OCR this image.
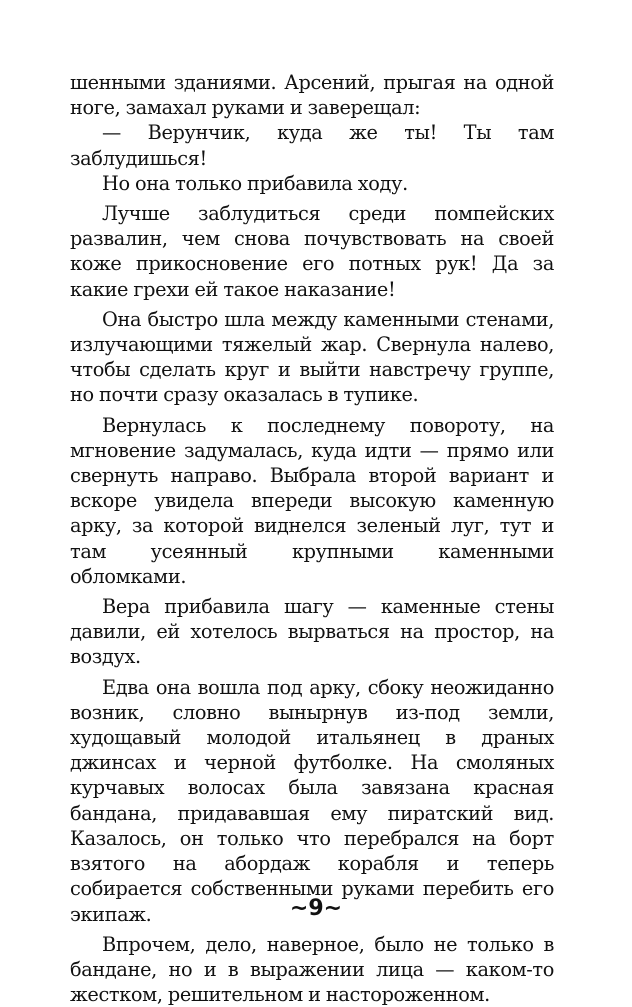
шенными зданиями. Арсений, прыгая на одной ноге, замахал руками и заверещал:

— Верунчик, куда же ты! Ты там заблудишься!

Но она только прибавила ходу.

Лучше заблудиться среди помпейских развалин, чем снова почувствовать на своей коже прикосновение его потных рук! Да за какие грехи ей такое наказание!

Она быстро шла между каменными стенами, излучающими тяжелый жар. Свернула налево, чтобы сделать круг и выйти навстречу группе, но почти сразу оказалась в тупике.

Вернулась к последнему повороту, на мгновение задумалась, куда идти — прямо или свернуть направо. Выбрала второй вариант и вскоре увидела впереди высокую каменную арку, за которой виднелся зеленый луг, тут и там усеянный крупными каменными обломками.

Вера прибавила шагу — каменные стены давили, ей хотелось вырваться на простор, на воздух.

Едва она вошла под арку, сбоку неожиданно возник, словно вынырнув из-под земли, худощавый молодой итальянец в драных джинсах и черной футболке. На смоляных курчавых волосах была завязана красная бандана, придававшая ему пиратский вид. Казалось, он только что перебрался на борт взятого на абордаж корабля и теперь собирается собственными руками перебить его экипаж.

Впрочем, дело, наверное, было не только в бандане, но и в выражении лица — каком-то жестком, решительном и настороженном.

~9~
